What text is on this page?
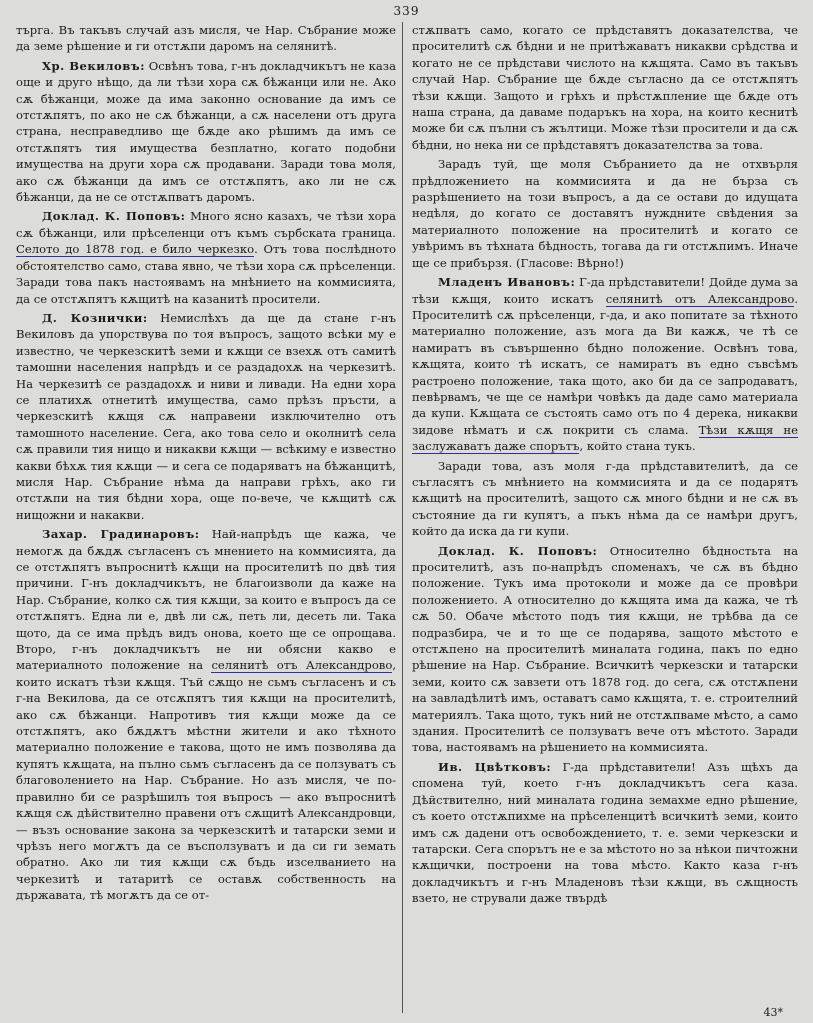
339

търга. Въ такъвъ случай азъ мисля, че Нар. Събрание може да земе рѣшение и ги отстѫпи даромъ на селянитѣ.

Хр. Векиловъ: Освѣнъ това, г-нъ докладчикътъ не каза още и друго нѣщо, да ли тѣзи хора сѫ бѣжанци или не. Ако сѫ бѣжанци, може да има законно основание да имъ се отстѫпятъ, по ако не сѫ бѣжанци, а сѫ населени отъ друга страна, несправедливо ще бѫде ако рѣшимъ да имъ се отстѫпятъ тия имущества безплатно, когато подобни имущества на други хора сѫ продавани. Заради това моля, ако сѫ бѣжанци да имъ се отстѫпятъ, ако ли не сѫ бѣжанци, да не се отстѫпватъ даромъ.

Доклад. К. Поповъ: Много ясно казахъ, че тѣзи хора сѫ бѣжанци, или прѣселенци отъ къмъ сърбската граница. Селото до 1878 год. е било черкезко. Отъ това послѣдното обстоятелство само, става явно, че тѣзи хора сѫ прѣселенци. Заради това пакъ настоявамъ на мнѣнието на коммисията, да се отстѫпятъ кѫщитѣ на казанитѣ просители.

Д. Кознички: Немислѣхъ да ще да стане г-нъ Векиловъ да упорствува по тоя въпросъ, защото всѣки му е известно, че черкезскитѣ земи и кѫщи се взехѫ отъ самитѣ тамошни населения напрѣдъ и се раздадохѫ на черкезитѣ. На черкезитѣ се раздадохѫ и ниви и ливади. На едни хора се платихѫ отнетитѣ имущества, само прѣзъ пръсти, а черкезскитѣ кѫщя сѫ направени изключително отъ тамошното население. Сега, ако това село и околнитѣ села сѫ правили тия нищо и никакви кѫщи — всѣкиму е известно какви бѣхѫ тия кѫщи — и сега се подаряватъ на бѣжанцитѣ, мисля Нар. Събрание нѣма да направи грѣхъ, ако ги отстѫпи на тия бѣдни хора, още по-вече, че кѫщитѣ сѫ нищожни и накакви.

Захар. Градинаровъ: Най-напрѣдъ ще кажа, че немогѫ да бѫдѫ съгласенъ съ мнението на коммисията, да се отстѫпятъ въпроснитѣ кѫщи на просителитѣ по двѣ тия причини. Г-нъ докладчикътъ, не благоизволи да каже на Нар. Събрание, колко сѫ тия кѫщи, за които е въпросъ да се отстѫпятъ. Една ли е, двѣ ли сѫ, петь ли, десеть ли. Така щото, да се има прѣдъ видъ онова, което ще се опрощава. Второ, г-нъ докладчикътъ не ни обясни какво е материалното положение на селянитѣ отъ Александрово, които искатъ тѣзи кѫщя. Тъй сѫщо не сьмъ съгласенъ и съ г-на Векилова, да се отсѫпятъ тия кѫщи на просителитѣ, ако сѫ бѣжанци. Напротивъ тия кѫщи може да се отстѫпятъ, ако бѫдѫтъ мѣстни жители и ако тѣхното материално положение е такова, щото не имъ позволява да купятъ кѫщата, на пълно сьмъ съгласенъ да се ползуватъ съ благоволението на Нар. Събрание. Но азъ мисля, че по-правилно би се разрѣшилъ тоя въпросъ — ако въпроснитѣ кѫщя сѫ дѣйствително правени отъ сѫщитѣ Александровци, — възъ основание закона за черкезскитѣ и татарски земи и чрѣзъ него могѫтъ да се въсползуватъ и да си ги земать обратно. Ако ли тия кѫщи сѫ бъдь изселванието на черкезитѣ и татаритѣ се оставѫ собственность на държавата, тѣ могѫтъ да се от-

стѫпватъ само, когато се прѣдставятъ доказателства, че просителитѣ сѫ бѣдни и не притѣжаватъ никакви срѣдства и когато не се прѣдстави числото на кѫщята. Само въ такъвъ случай Нар. Събрание ще бѫде съгласно да се отстѫпятъ тѣзи кѫщи. Защото и грѣхъ и прѣстѫпление ще бѫде отъ наша страна, да даваме подаръкъ на хора, на които кеснитѣ може би сѫ пълни съ жълтици. Може тѣзи просители и да сѫ бѣдни, но нека ни се прѣдставятъ доказателства за това.

Зарадъ туй, ще моля Събранието да не отхвърля прѣдложението на коммисията и да не бърза съ разрѣшението на този въпросъ, а да се остави до идущата недѣля, до когато се доставятъ нуждните свѣдения за материалното положение на просителитѣ и когато се увѣримъ въ тѣхната бѣдность, тогава да ги отстѫпимъ. Иначе ще се прибързя. (Гласове: Вѣрно!)

Младенъ Ивановъ: Г-да прѣдставители! Дойде дума за тѣзи кѫщя, които искатъ селянитѣ отъ Александрово. Просителитѣ сѫ прѣселенци, г-да, и ако попитате за тѣхното материално положение, азъ мога да Ви кажѫ, че тѣ се намиратъ въ съвършенно бѣдно положение. Освѣнъ това, кѫщята, които тѣ искатъ, се намиратъ въ едно съвсѣмъ растроено положение, така щото, ако би да се запродаватъ, певѣрвамъ, че ще се намѣри човѣкъ да даде само материала да купи. Кѫщата се състоять само отъ по 4 дерека, никакви зидове нѣматъ и сѫ покрити съ слама. Тѣзи кѫщя не заслужаватъ даже спорътъ, който стана тукъ.

Заради това, азъ моля г-да прѣдставителитѣ, да се съгласятъ съ мнѣнието на коммисията и да се подарятъ кѫщитѣ на просителитѣ, защото сѫ много бѣдни и не сѫ въ състояние да ги купятъ, а пъкъ нѣма да се намѣри другъ, който да иска да ги купи.

Доклад. К. Поповъ: Относително бѣдностьта на просителитѣ, азъ по-напрѣдъ споменахъ, че сѫ въ бѣдно положение. Тукъ има протоколи и може да се провѣри положението. А относително до кѫщята има да кажа, че тѣ сѫ 50. Обаче мѣстото подъ тия кѫщи, не трѣбва да се подразбира, че и то ще се подарява, защото мѣстото е отстѫпено на просителитѣ миналата година, пакъ по едно рѣшение на Нар. Събрание. Всичкитѣ черкезски и татарски земи, които сѫ завзети отъ 1878 год. до сега, сѫ отстѫпени на завладѣлитѣ имъ, оставатъ само кѫщята, т. е. строителний материялъ. Така щото, тукъ ний не отстѫпваме мѣсто, а само здания. Просителитѣ се ползуватъ вече отъ мѣстото. Заради това, настоявамъ на рѣшението на коммисията.

Ив. Цвѣтковъ: Г-да прѣдставители! Азъ щѣхъ да спомена туй, което г-нъ докладчикътъ сега каза. Дѣйствително, ний миналата година земахме едно рѣшение, съ което отстѫпихме на прѣселенцитѣ всичкитѣ земи, които имъ сѫ дадени отъ освобождението, т. е. земи черкезски и татарски. Сега спорътъ не е за мѣстото но за нѣкои пичтожни кѫщички, построени на това мѣсто. Както каза г-нъ докладчикътъ и г-нъ Младеновъ тѣзи кѫщи, въ сѫщность взето, не стрували даже твърдѣ

43*
